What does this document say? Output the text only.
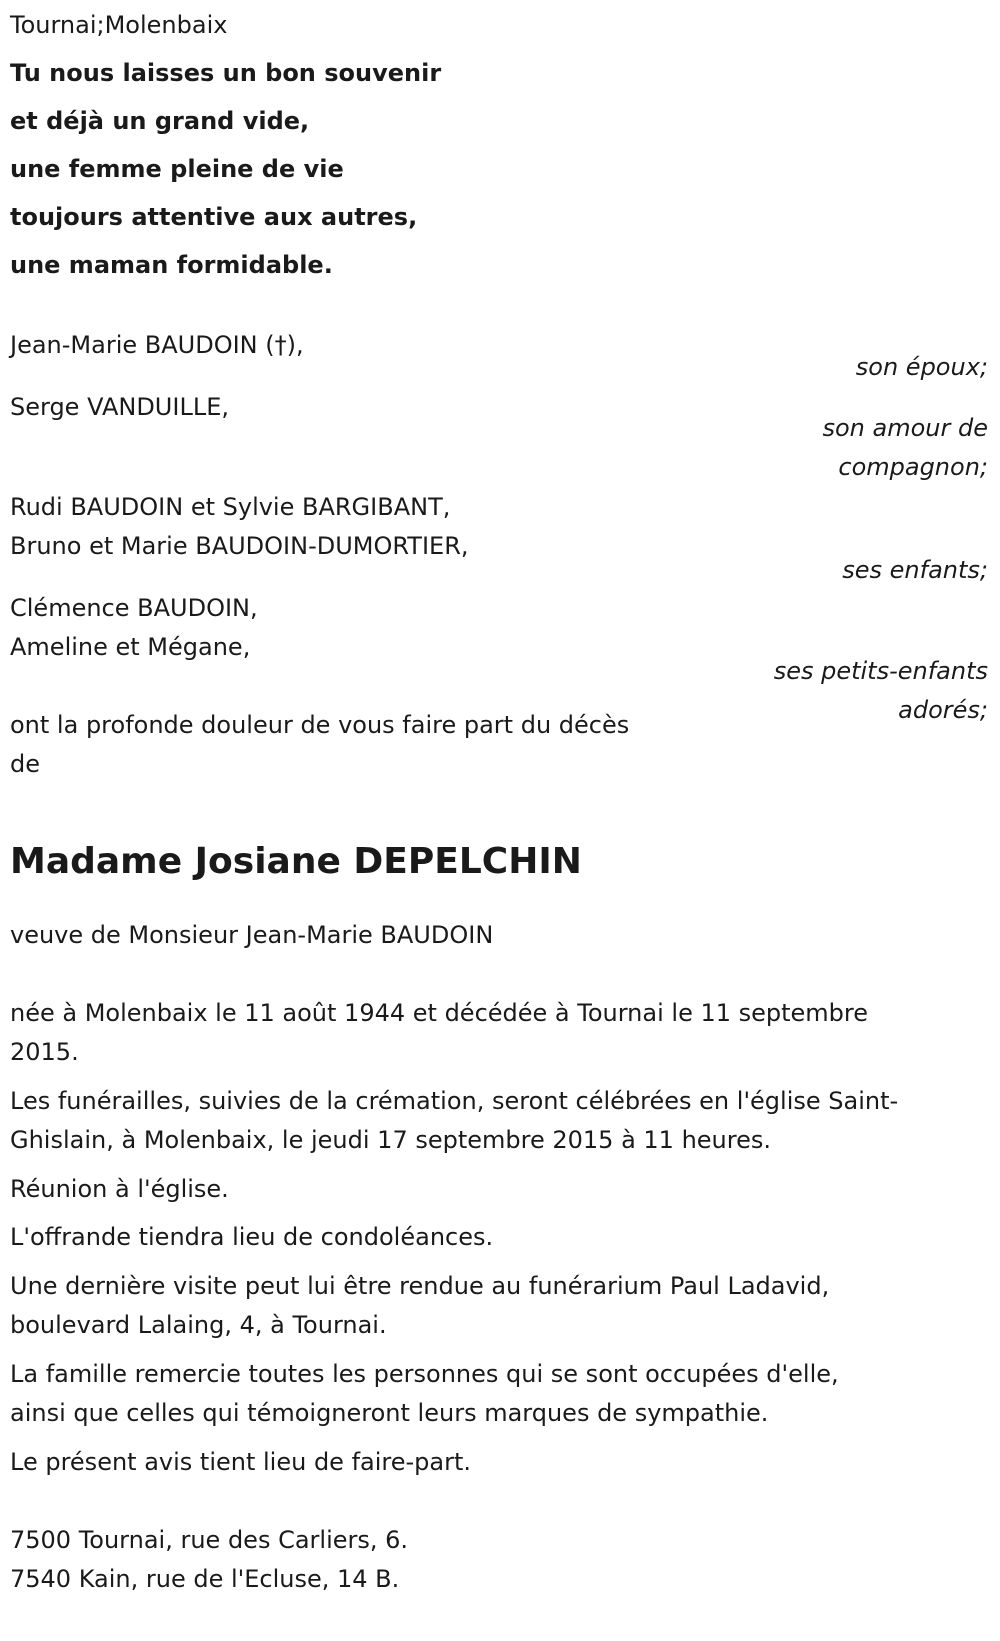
Tournai;Molenbaix
Tu nous laisses un bon souvenir
et déjà un grand vide,
une femme pleine de vie
toujours attentive aux autres,
une maman formidable.
Jean-Marie BAUDOIN (†),
son époux;
Serge VANDUILLE,
son amour de
compagnon;
Rudi BAUDOIN et Sylvie BARGIBANT,
Bruno et Marie BAUDOIN-DUMORTIER,
ses enfants;
Clémence BAUDOIN,
Ameline et Mégane,
ses petits-enfants
adorés;
ont la profonde douleur de vous faire part du décès
de
Madame Josiane DEPELCHIN
veuve de Monsieur Jean-Marie BAUDOIN
née à Molenbaix le 11 août 1944 et décédée à Tournai le 11 septembre
2015.
Les funérailles, suivies de la crémation, seront célébrées en l'église Saint-
Ghislain, à Molenbaix, le jeudi 17 septembre 2015 à 11 heures.
Réunion à l'église.
L'offrande tiendra lieu de condoléances.
Une dernière visite peut lui être rendue au funérarium Paul Ladavid,
boulevard Lalaing, 4, à Tournai.
La famille remercie toutes les personnes qui se sont occupées d'elle,
ainsi que celles qui témoigneront leurs marques de sympathie.
Le présent avis tient lieu de faire-part.
7500 Tournai, rue des Carliers, 6.
7540 Kain, rue de l'Ecluse, 14 B.
